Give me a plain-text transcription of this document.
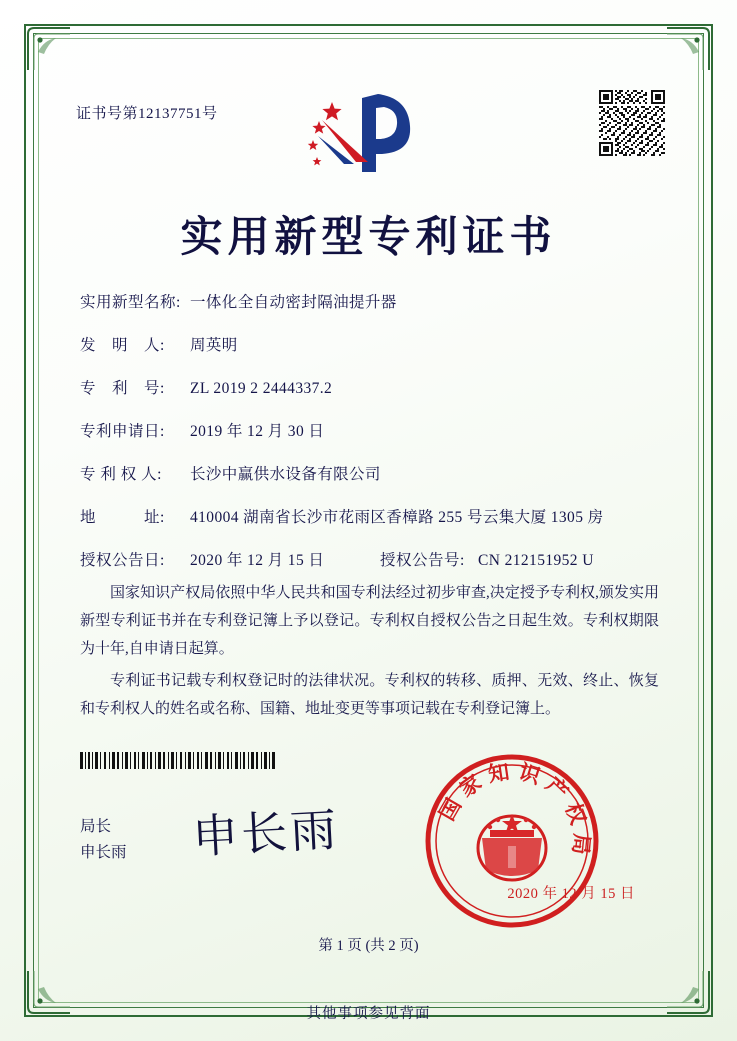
证书号第12137751号
实用新型专利证书
实用新型名称: 一体化全自动密封隔油提升器
发　明　人:	周英明
专　利　号:	ZL 2019 2 2444337.2
专利申请日:	2019 年 12 月 30 日
专 利 权 人:	长沙中赢供水设备有限公司
地　　　址:	410004 湖南省长沙市花雨区香樟路 255 号云集大厦 1305 房
授权公告日:	2020 年 12 月 15 日	授权公告号: CN 212151952 U

国家知识产权局依照中华人民共和国专利法经过初步审查,决定授予专利权,颁发实用新型专利证书并在专利登记簿上予以登记。专利权自授权公告之日起生效。专利权期限为十年,自申请日起算。

专利证书记载专利权登记时的法律状况。专利权的转移、质押、无效、终止、恢复和专利权人的姓名或名称、国籍、地址变更等事项记载在专利登记簿上。

局长
申长雨 申长雨	国家知识产权局
2020 年 12 月 15 日
第 1 页 (共 2 页)
其他事项参见背面
